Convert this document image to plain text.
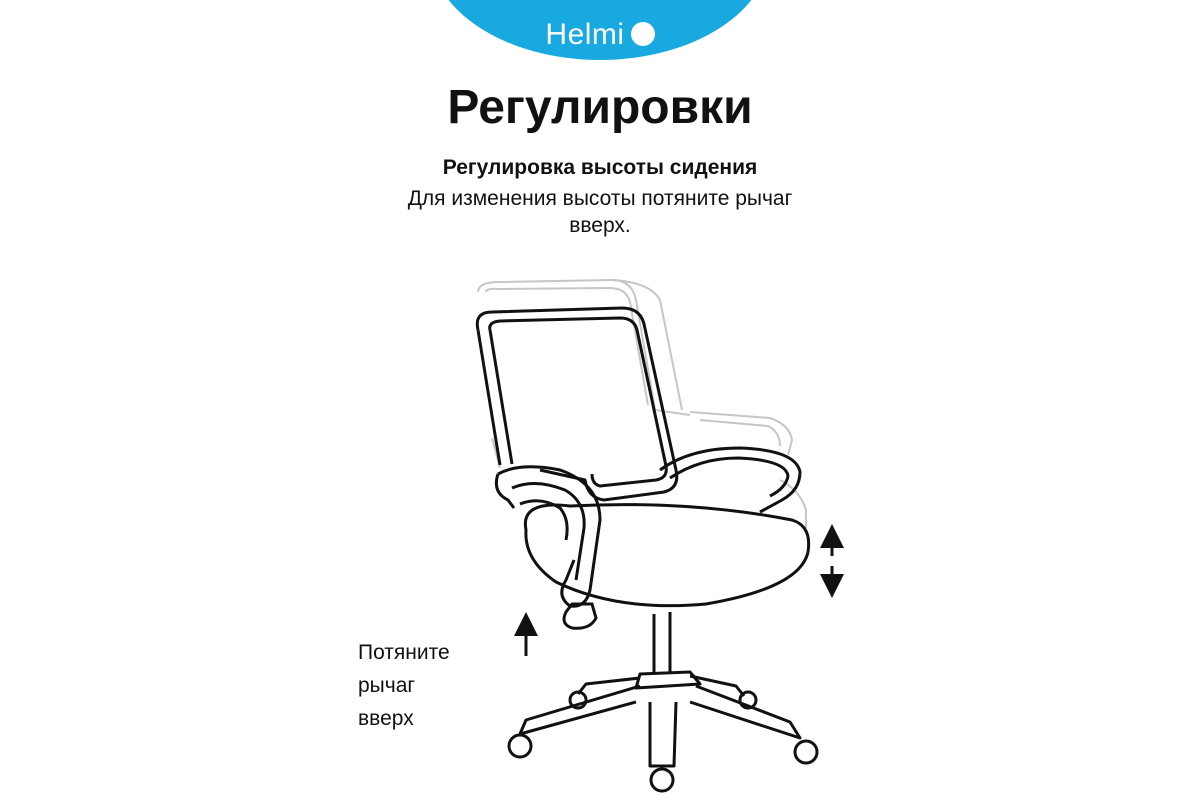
Helmi
Регулировки
Регулировка высоты сидения
Для изменения высоты потяните рычаг вверх.
Потяните
рычаг
вверх
